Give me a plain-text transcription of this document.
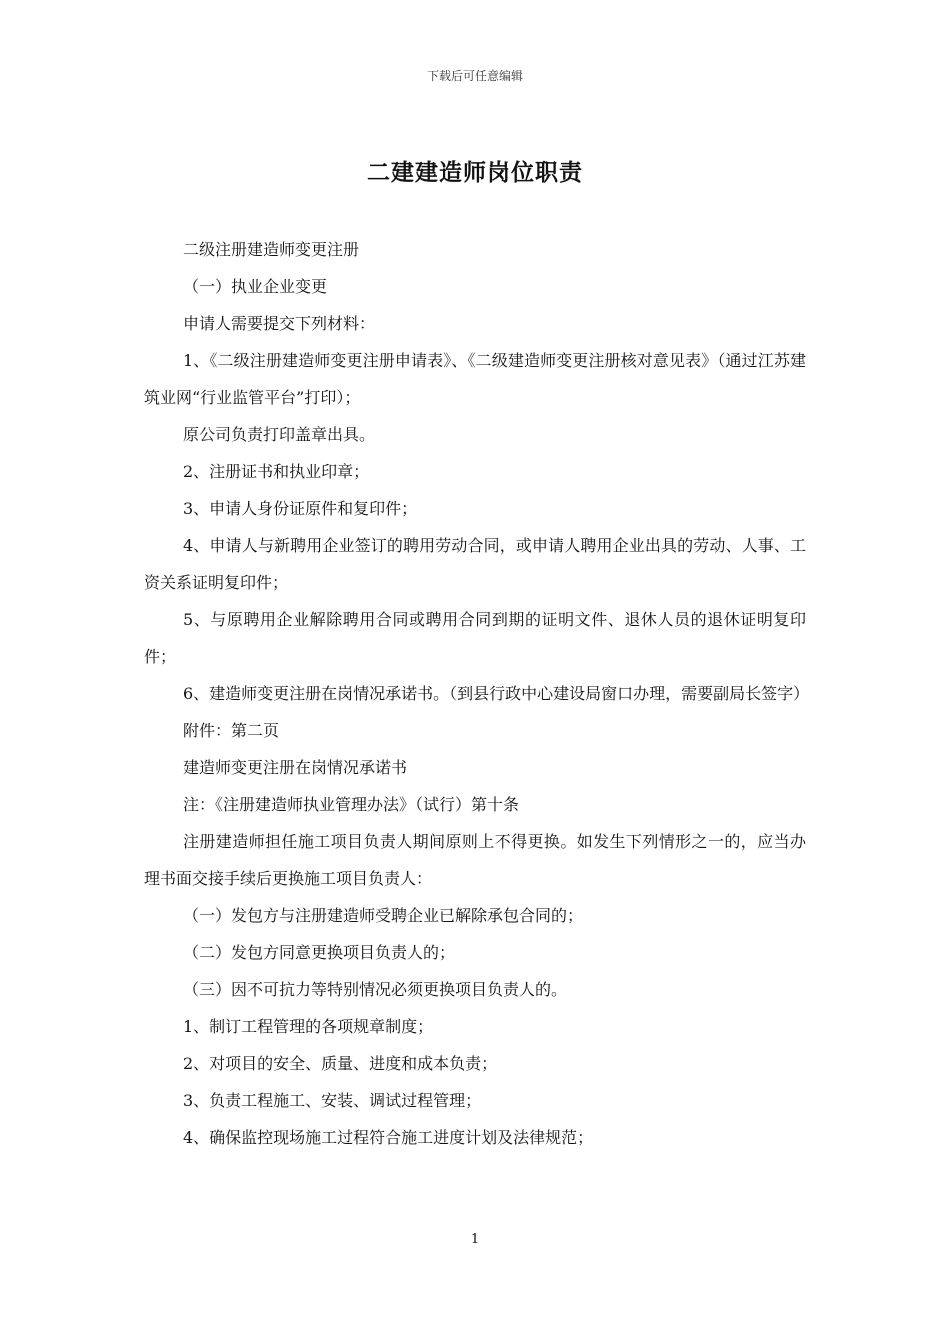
下载后可任意编辑
二建建造师岗位职责

二级注册建造师变更注册

（一）执业企业变更

申请人需要提交下列材料：

1、《二级注册建造师变更注册申请表》、《二级建造师变更注册核对意见表》（通过江苏建筑业网“行业监管平台”打印）；

原公司负责打印盖章出具。

2、注册证书和执业印章；

3、申请人身份证原件和复印件；

4、申请人与新聘用企业签订的聘用劳动合同，或申请人聘用企业出具的劳动、人事、工资关系证明复印件；

5、与原聘用企业解除聘用合同或聘用合同到期的证明文件、退休人员的退休证明复印件；

6、建造师变更注册在岗情况承诺书。（到县行政中心建设局窗口办理，需要副局长签字）

附件：第二页

建造师变更注册在岗情况承诺书

注：《注册建造师执业管理办法》（试行）第十条

注册建造师担任施工项目负责人期间原则上不得更换。如发生下列情形之一的，应当办理书面交接手续后更换施工项目负责人：

（一）发包方与注册建造师受聘企业已解除承包合同的；

（二）发包方同意更换项目负责人的；

（三）因不可抗力等特别情况必须更换项目负责人的。

1、制订工程管理的各项规章制度；

2、对项目的安全、质量、进度和成本负责；

3、负责工程施工、安装、调试过程管理；

4、确保监控现场施工过程符合施工进度计划及法律规范；

1
